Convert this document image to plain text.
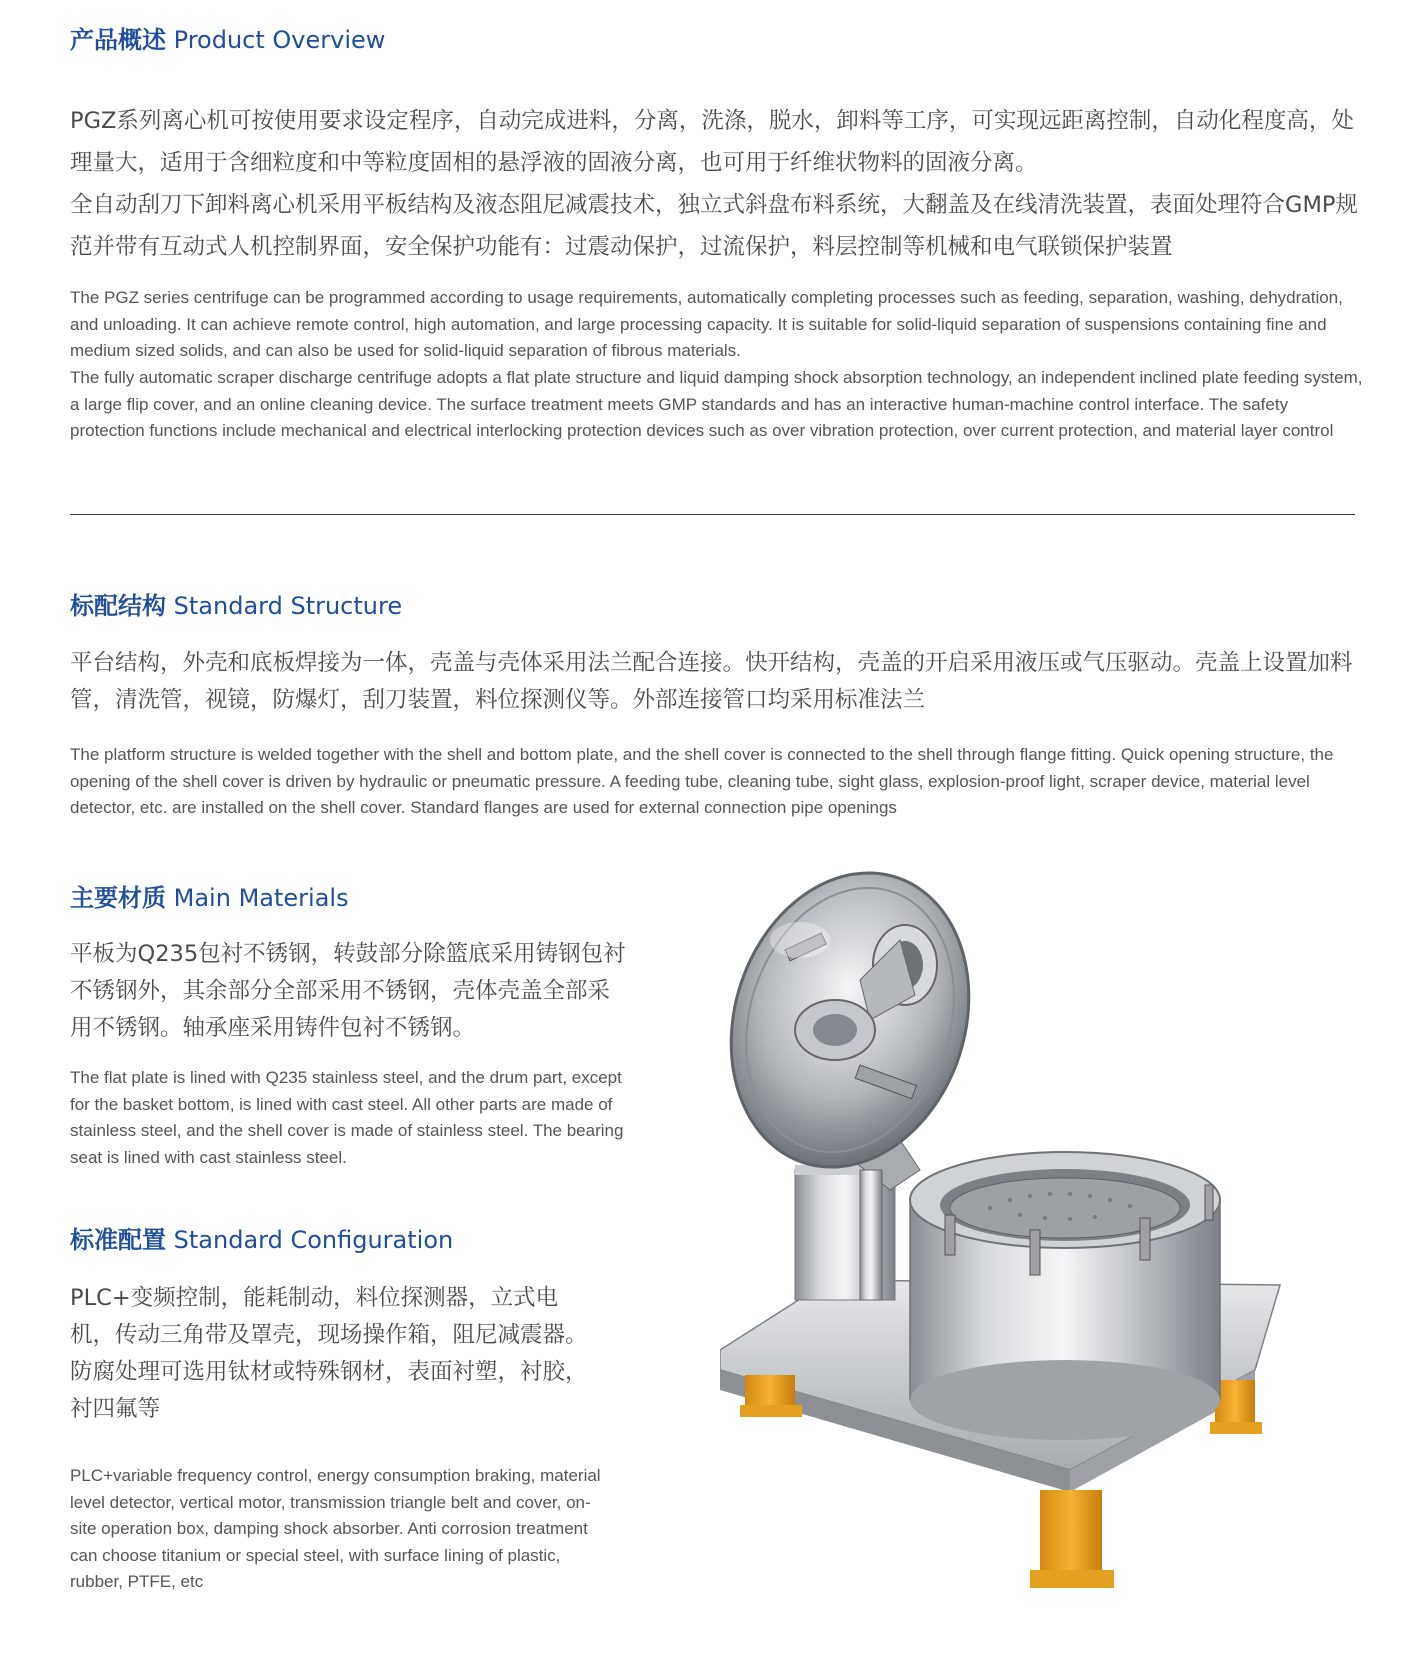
产品概述 Product Overview

PGZ系列离心机可按使用要求设定程序，自动完成进料，分离，洗涤，脱水，卸料等工序，可实现远距离控制，自动化程度高，处理量大，适用于含细粒度和中等粒度固相的悬浮液的固液分离，也可用于纤维状物料的固液分离。

全自动刮刀下卸料离心机采用平板结构及液态阻尼减震技术，独立式斜盘布料系统，大翻盖及在线清洗装置，表面处理符合GMP规范并带有互动式人机控制界面，安全保护功能有：过震动保护，过流保护，料层控制等机械和电气联锁保护装置

The PGZ series centrifuge can be programmed according to usage requirements, automatically completing processes such as feeding, separation, washing, dehydration, and unloading. It can achieve remote control, high automation, and large processing capacity. It is suitable for solid-liquid separation of suspensions containing fine and medium sized solids, and can also be used for solid-liquid separation of fibrous materials.

The fully automatic scraper discharge centrifuge adopts a flat plate structure and liquid damping shock absorption technology, an independent inclined plate feeding system, a large flip cover, and an online cleaning device. The surface treatment meets GMP standards and has an interactive human-machine control interface. The safety protection functions include mechanical and electrical interlocking protection devices such as over vibration protection, over current protection, and material layer control

标配结构 Standard Structure

平台结构，外壳和底板焊接为一体，壳盖与壳体采用法兰配合连接。快开结构，壳盖的开启采用液压或气压驱动。壳盖上设置加料管，清洗管，视镜，防爆灯，刮刀装置，料位探测仪等。外部连接管口均采用标准法兰

The platform structure is welded together with the shell and bottom plate, and the shell cover is connected to the shell through flange fitting. Quick opening structure, the opening of the shell cover is driven by hydraulic or pneumatic pressure. A feeding tube, cleaning tube, sight glass, explosion-proof light, scraper device, material level detector, etc. are installed on the shell cover. Standard flanges are used for external connection pipe openings

主要材质 Main Materials

平板为Q235包衬不锈钢，转鼓部分除篮底采用铸钢包衬不锈钢外，其余部分全部采用不锈钢，壳体壳盖全部采用不锈钢。轴承座采用铸件包衬不锈钢。

The flat plate is lined with Q235 stainless steel, and the drum part, except for the basket bottom, is lined with cast steel. All other parts are made of stainless steel, and the shell cover is made of stainless steel. The bearing seat is lined with cast stainless steel.

标准配置 Standard Configuration

PLC+变频控制，能耗制动，料位探测器，立式电机，传动三角带及罩壳，现场操作箱，阻尼减震器。防腐处理可选用钛材或特殊钢材，表面衬塑，衬胶，衬四氟等

PLC+variable frequency control, energy consumption braking, material level detector, vertical motor, transmission triangle belt and cover, on-site operation box, damping shock absorber. Anti corrosion treatment can choose titanium or special steel, with surface lining of plastic, rubber, PTFE, etc
